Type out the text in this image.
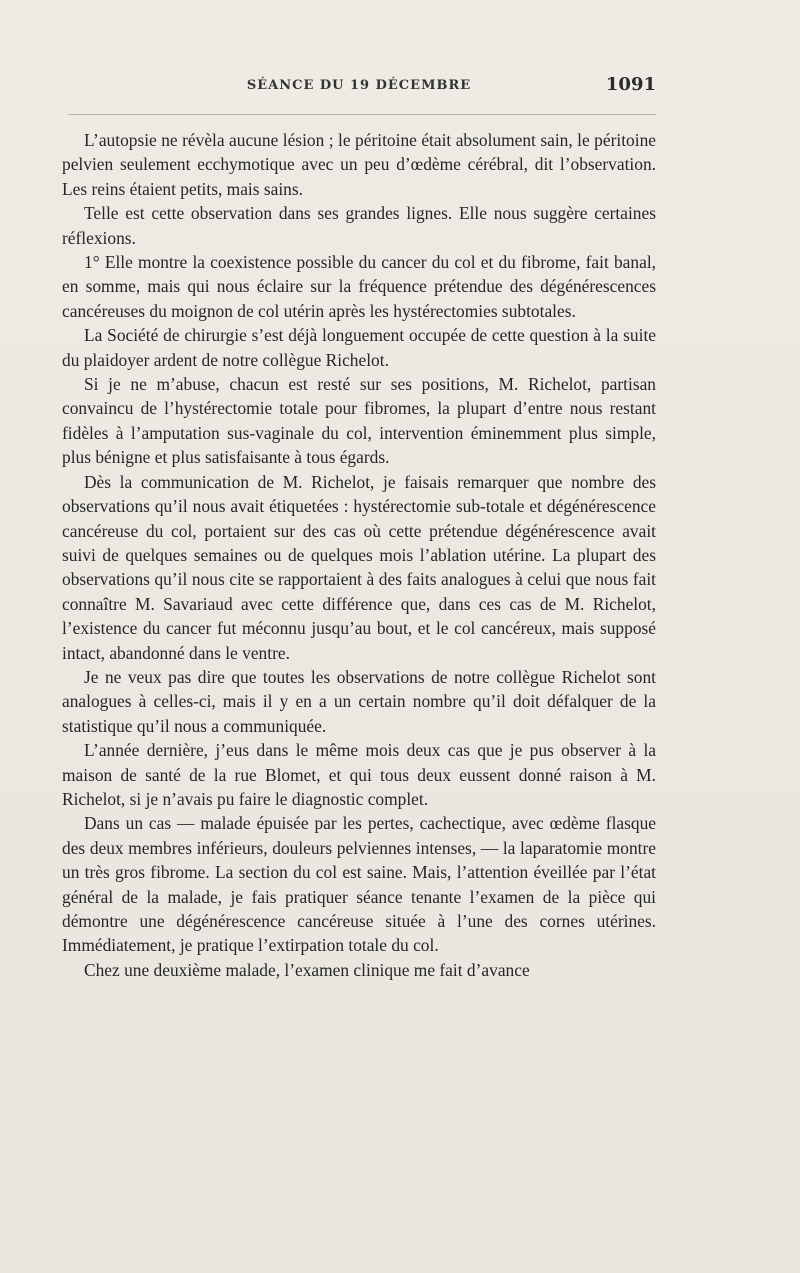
SÉANCE DU 19 DÉCEMBRE	1091

L’autopsie ne révèla aucune lésion ; le péritoine était absolument sain, le péritoine pelvien seulement ecchymotique avec un peu d’œdème cérébral, dit l’observation. Les reins étaient petits, mais sains.

Telle est cette observation dans ses grandes lignes. Elle nous suggère certaines réflexions.

1° Elle montre la coexistence possible du cancer du col et du fibrome, fait banal, en somme, mais qui nous éclaire sur la fréquence prétendue des dégénérescences cancéreuses du moignon de col utérin après les hystérectomies subtotales.

La Société de chirurgie s’est déjà longuement occupée de cette question à la suite du plaidoyer ardent de notre collègue Richelot.

Si je ne m’abuse, chacun est resté sur ses positions, M. Richelot, partisan convaincu de l’hystérectomie totale pour fibromes, la plupart d’entre nous restant fidèles à l’amputation sus-vaginale du col, intervention éminemment plus simple, plus bénigne et plus satisfaisante à tous égards.

Dès la communication de M. Richelot, je faisais remarquer que nombre des observations qu’il nous avait étiquetées : hystérectomie sub-totale et dégénérescence cancéreuse du col, portaient sur des cas où cette prétendue dégénérescence avait suivi de quelques semaines ou de quelques mois l’ablation utérine. La plupart des observations qu’il nous cite se rapportaient à des faits analogues à celui que nous fait connaître M. Savariaud avec cette différence que, dans ces cas de M. Richelot, l’existence du cancer fut méconnu jusqu’au bout, et le col cancéreux, mais supposé intact, abandonné dans le ventre.

Je ne veux pas dire que toutes les observations de notre collègue Richelot sont analogues à celles-ci, mais il y en a un certain nombre qu’il doit défalquer de la statistique qu’il nous a communiquée.

L’année dernière, j’eus dans le même mois deux cas que je pus observer à la maison de santé de la rue Blomet, et qui tous deux eussent donné raison à M. Richelot, si je n’avais pu faire le diagnostic complet.

Dans un cas — malade épuisée par les pertes, cachectique, avec œdème flasque des deux membres inférieurs, douleurs pelviennes intenses, — la laparatomie montre un très gros fibrome. La section du col est saine. Mais, l’attention éveillée par l’état général de la malade, je fais pratiquer séance tenante l’examen de la pièce qui démontre une dégénérescence cancéreuse située à l’une des cornes utérines. Immédiatement, je pratique l’extirpation totale du col.

Chez une deuxième malade, l’examen clinique me fait d’avance
